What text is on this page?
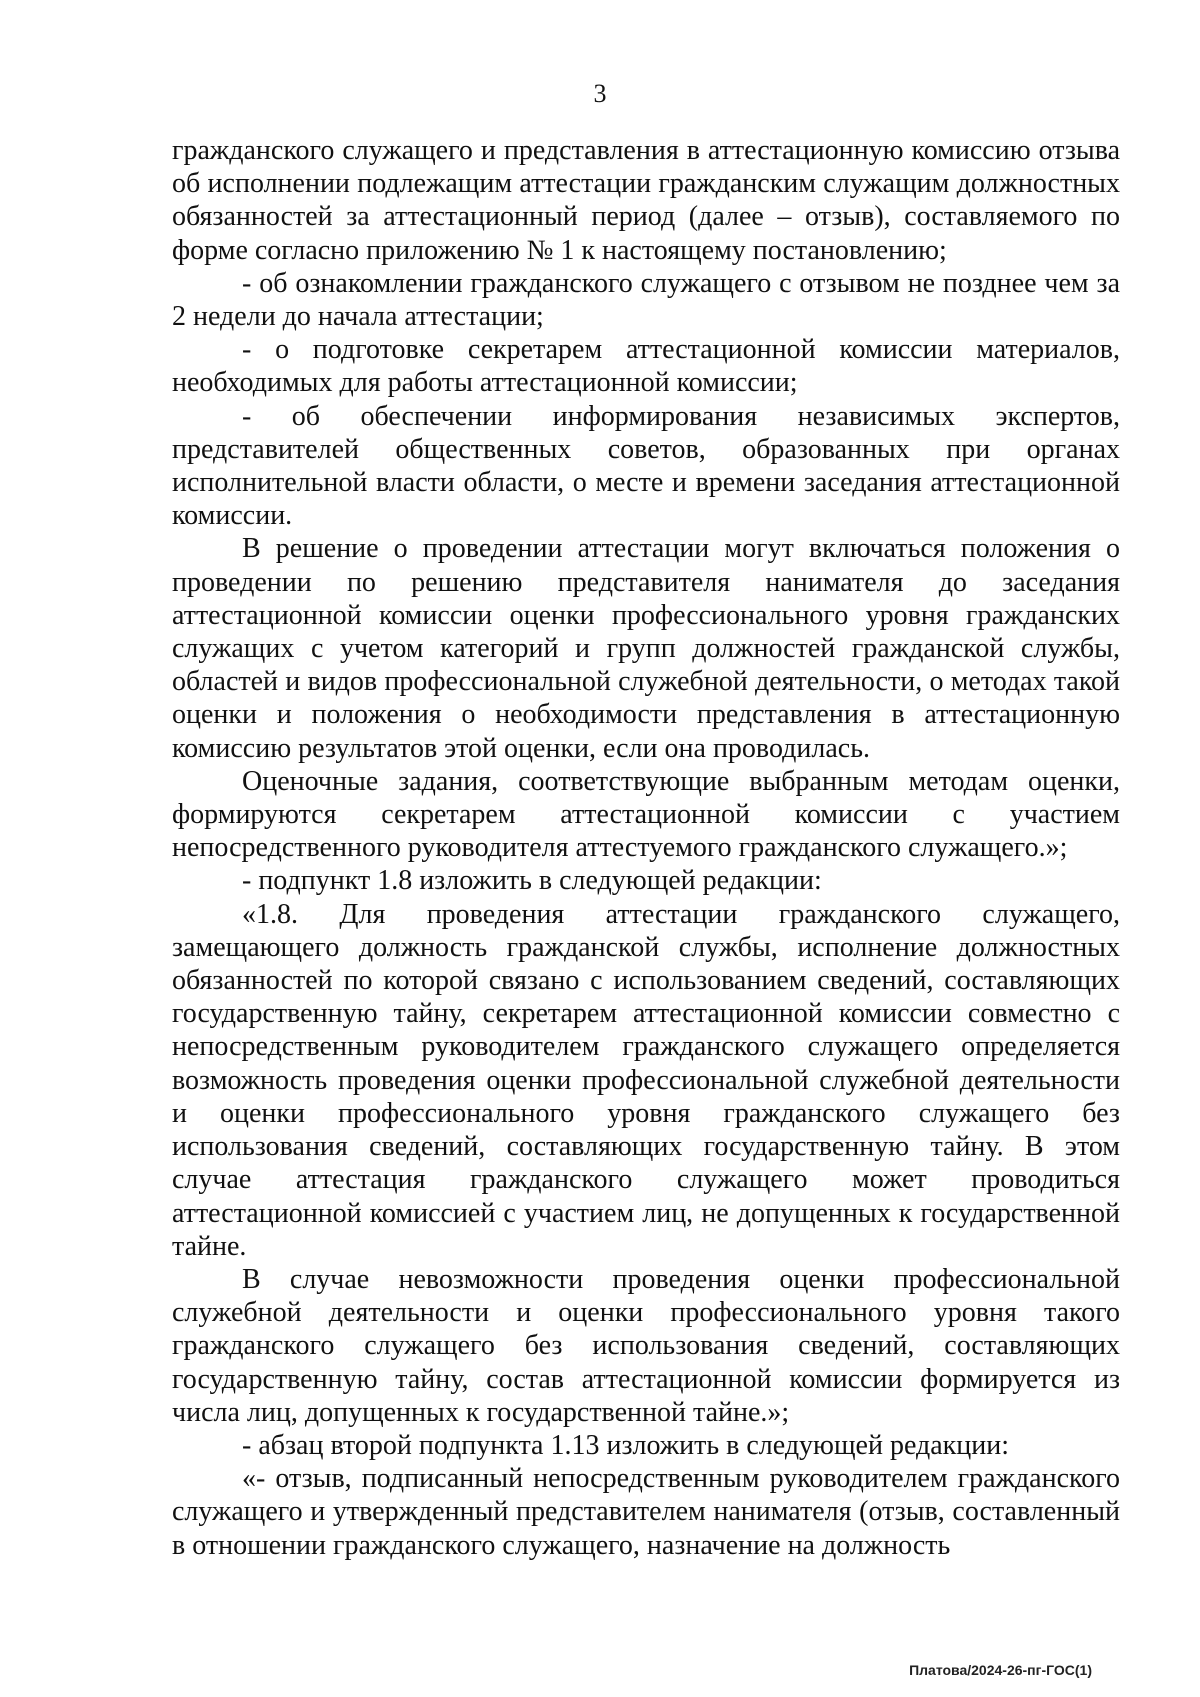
3

гражданского служащего и представления в аттестационную комиссию отзыва об исполнении подлежащим аттестации гражданским служащим должностных обязанностей за аттестационный период (далее – отзыв), составляемого по форме согласно приложению № 1 к настоящему постановлению;

- об ознакомлении гражданского служащего с отзывом не позднее чем за 2 недели до начала аттестации;

- о подготовке секретарем аттестационной комиссии материалов, необходимых для работы аттестационной комиссии;

- об обеспечении информирования независимых экспертов, представителей общественных советов, образованных при органах исполнительной власти области, о месте и времени заседания аттестационной комиссии.

В решение о проведении аттестации могут включаться положения о проведении по решению представителя нанимателя до заседания аттестационной комиссии оценки профессионального уровня гражданских служащих с учетом категорий и групп должностей гражданской службы, областей и видов профессиональной служебной деятельности, о методах такой оценки и положения о необходимости представления в аттестационную комиссию результатов этой оценки, если она проводилась.

Оценочные задания, соответствующие выбранным методам оценки, формируются секретарем аттестационной комиссии с участием непосредственного руководителя аттестуемого гражданского служащего.»;

- подпункт 1.8 изложить в следующей редакции:

«1.8. Для проведения аттестации гражданского служащего, замещающего должность гражданской службы, исполнение должностных обязанностей по которой связано с использованием сведений, составляющих государственную тайну, секретарем аттестационной комиссии совместно с непосредственным руководителем гражданского служащего определяется возможность проведения оценки профессиональной служебной деятельности и оценки профессионального уровня гражданского служащего без использования сведений, составляющих государственную тайну. В этом случае аттестация гражданского служащего может проводиться аттестационной комиссией с участием лиц, не допущенных к государственной тайне.

В случае невозможности проведения оценки профессиональной служебной деятельности и оценки профессионального уровня такого гражданского служащего без использования сведений, составляющих государственную тайну, состав аттестационной комиссии формируется из числа лиц, допущенных к государственной тайне.»;

- абзац второй подпункта 1.13 изложить в следующей редакции:

«- отзыв, подписанный непосредственным руководителем гражданского служащего и утвержденный представителем нанимателя (отзыв, составленный в отношении гражданского служащего, назначение на должность

Платова/2024-26-пг-ГОС(1)
